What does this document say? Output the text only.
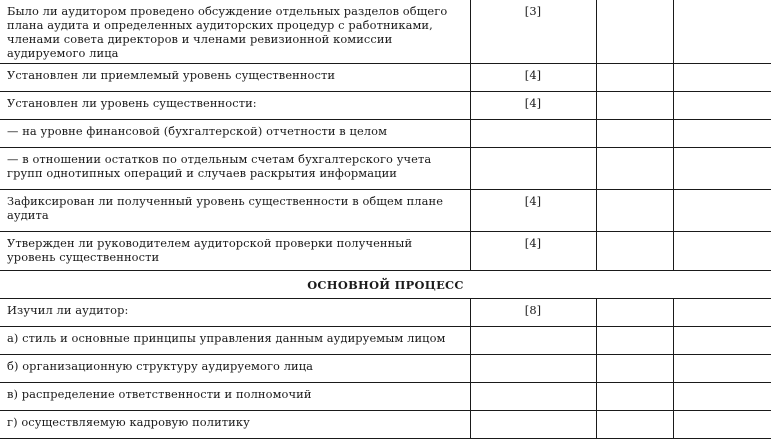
Было ли аудитором проведено обсуждение отдельных разделов общего плана аудита и определенных аудиторских процедур с работниками, членами совета директоров и членами ревизионной комиссии аудируемого лица	[3]		
Установлен ли приемлемый уровень существенности	[4]		
Установлен ли уровень существенности:	[4]		
— на уровне финансовой (бухгалтерской) отчетности в целом			
— в отношении остатков по отдельным счетам бухгалтерского учета групп однотипных операций и случаев раскрытия информации			
Зафиксирован ли полученный уровень существенности в общем плане аудита	[4]		
Утвержден ли руководителем аудиторской проверки полученный уровень существенности	[4]		
ОСНОВНОЙ ПРОЦЕСС			
Изучил ли аудитор:	[8]		
а) стиль и основные принципы управления данным аудируемым лицом			
б) организационную структуру аудируемого лица			
в) распределение ответственности и полномочий			
г) осуществляемую кадровую политику			
